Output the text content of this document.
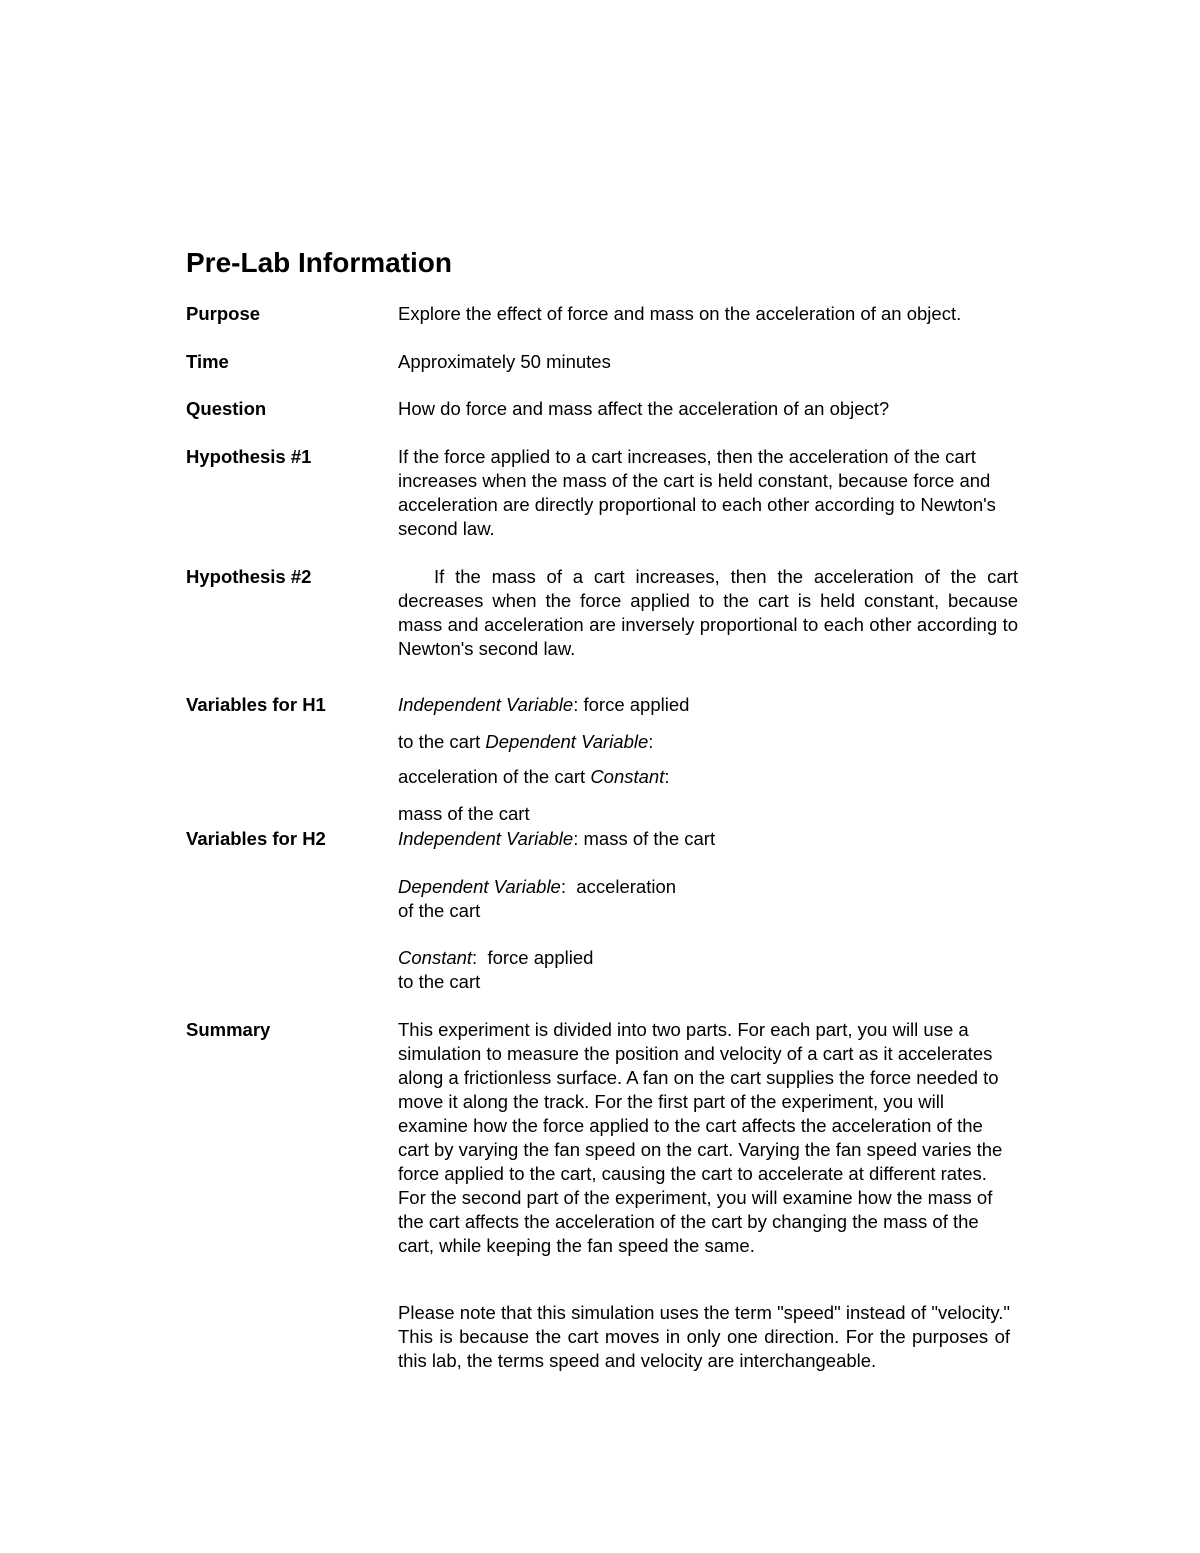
Pre-Lab Information
Purpose	Explore the effect of force and mass on the acceleration of an object.
Time	Approximately 50 minutes
Question	How do force and mass affect the acceleration of an object?
Hypothesis #1	If the force applied to a cart increases, then the acceleration of the cart increases when the mass of the cart is held constant, because force and acceleration are directly proportional to each other according to Newton's second law.

Hypothesis #2	If the mass of a cart increases, then the acceleration of the cart decreases when the force applied to the cart is held constant, because mass and acceleration are inversely proportional to each other according to Newton's second law.

Variables for H1	Independent Variable: force applied
to the cart Dependent Variable:
acceleration of the cart Constant:
mass of the cart
Variables for H2	Independent Variable: mass of the cart
Dependent Variable:  acceleration
of the cart
Constant:  force applied
to the cart
Summary	This experiment is divided into two parts. For each part, you will use a simulation to measure the position and velocity of a cart as it accelerates along a frictionless surface. A fan on the cart supplies the force needed to move it along the track. For the first part of the experiment, you will examine how the force applied to the cart affects the acceleration of the cart by varying the fan speed on the cart. Varying the fan speed varies the force applied to the cart, causing the cart to accelerate at different rates. For the second part of the experiment, you will examine how the mass of the cart affects the acceleration of the cart by changing the mass of the cart, while keeping the fan speed the same.

Please note that this simulation uses the term "speed" instead of "velocity." This is because the cart moves in only one direction. For the purposes of this lab, the terms speed and velocity are interchangeable.
